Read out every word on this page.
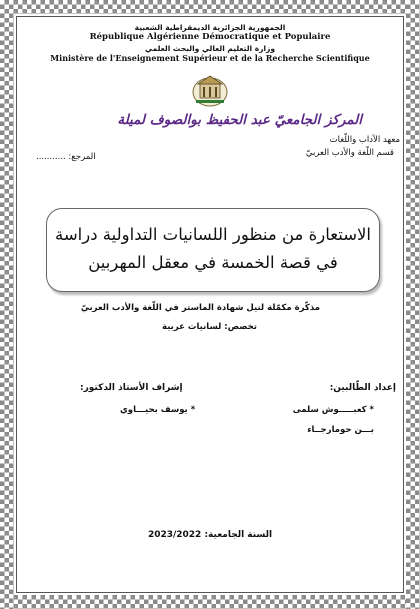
الجمهورية الجزائرية الديمقراطية الشعبية
République Algérienne Démocratique et Populaire
وزارة التعليم العالي والبحث العلمي
Ministère de l'Enseignement Supérieur et de la Recherche Scientifique
المركز الجامعيّ عبد الحفيظ بوالصوف لميلة
معهد الآداب واللّغات
قسم اللّغة والأدب العربيّ
المرجع: ...........
الاستعارة من منظور اللسانيات التداولية دراسة
في قصة الخمسة في معقل المهربين
مذكّرة مكمّلة لنيل شهادة الماستر في اللّغة والأدب العربيّ
تخصص: لسانيات عربية
إعداد الطّالبين:
إشراف الأستاذ الدكتور:
* كعبـــــوش سلمى
بـــن حومارجــاء
* يوسف بحيـــاوي
السنة الجامعية: 2023/2022
